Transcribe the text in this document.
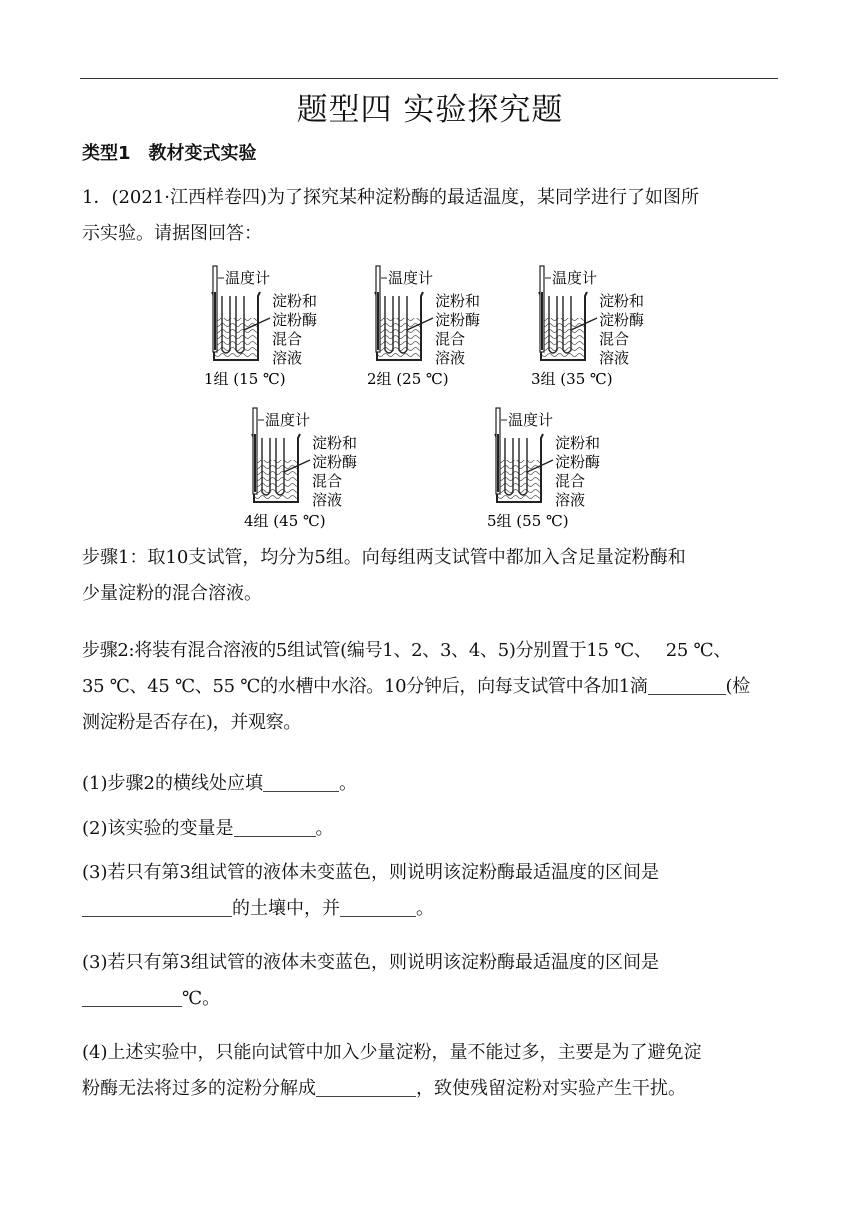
题型四 实验探究题
类型1　教材变式实验
1．(2021·江西样卷四)为了探究某种淀粉酶的最适温度，某同学进行了如图所
示实验。请据图回答：
温度计
淀粉和
淀粉酶
混合
溶液
1组 (15 ℃)
温度计
淀粉和
淀粉酶
混合
溶液
2组 (25 ℃)
温度计
淀粉和
淀粉酶
混合
溶液
3组 (35 ℃)
温度计
淀粉和
淀粉酶
混合
溶液
4组 (45 ℃)
温度计
淀粉和
淀粉酶
混合
溶液
5组 (55 ℃)
步骤1：取10支试管，均分为5组。向每组两支试管中都加入含足量淀粉酶和
少量淀粉的混合溶液。
步骤2:将装有混合溶液的5组试管(编号1、2、3、4、5)分别置于15 ℃、　 25 ℃、
35 ℃、45 ℃、55 ℃的水槽中水浴。10分钟后，向每支试管中各加1滴	(检
测淀粉是否存在)，并观察。
(1)步骤2的横线处应填	。
(2)该实验的变量是	。
(3)若只有第3组试管的液体未变蓝色，则说明该淀粉酶最适温度的区间是
的土壤中，并	。
(3)若只有第3组试管的液体未变蓝色，则说明该淀粉酶最适温度的区间是
℃。
(4)上述实验中，只能向试管中加入少量淀粉，量不能过多，主要是为了避免淀
粉酶无法将过多的淀粉分解成	，致使残留淀粉对实验产生干扰。
